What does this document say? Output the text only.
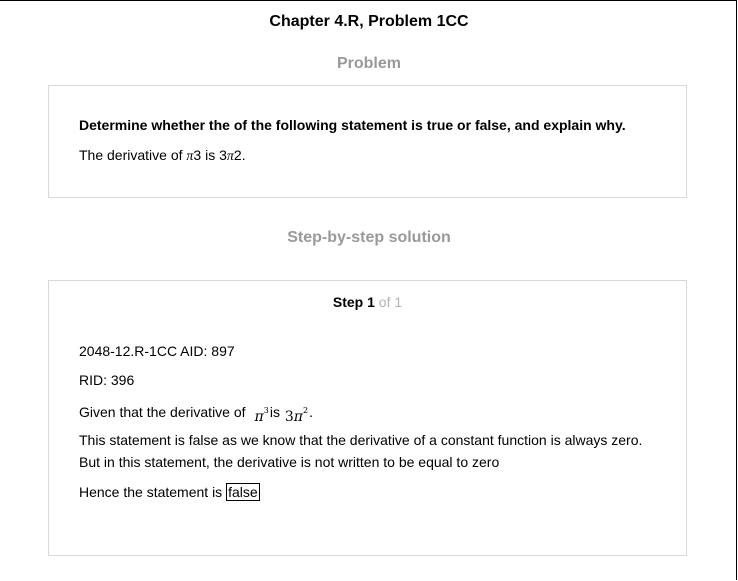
Chapter 4.R, Problem 1CC
Problem
Determine whether the of the following statement is true or false, and explain why.
The derivative of π3 is 3π2.
Step-by-step solution
Step 1 of 1
2048-12.R-1CC AID: 897
RID: 396
Given that the derivative of $\pi^3is$ $3\pi^2$.
This statement is false as we know that the derivative of a constant function is always zero.
But in this statement, the derivative is not written to be equal to zero
Hence the statement is false
